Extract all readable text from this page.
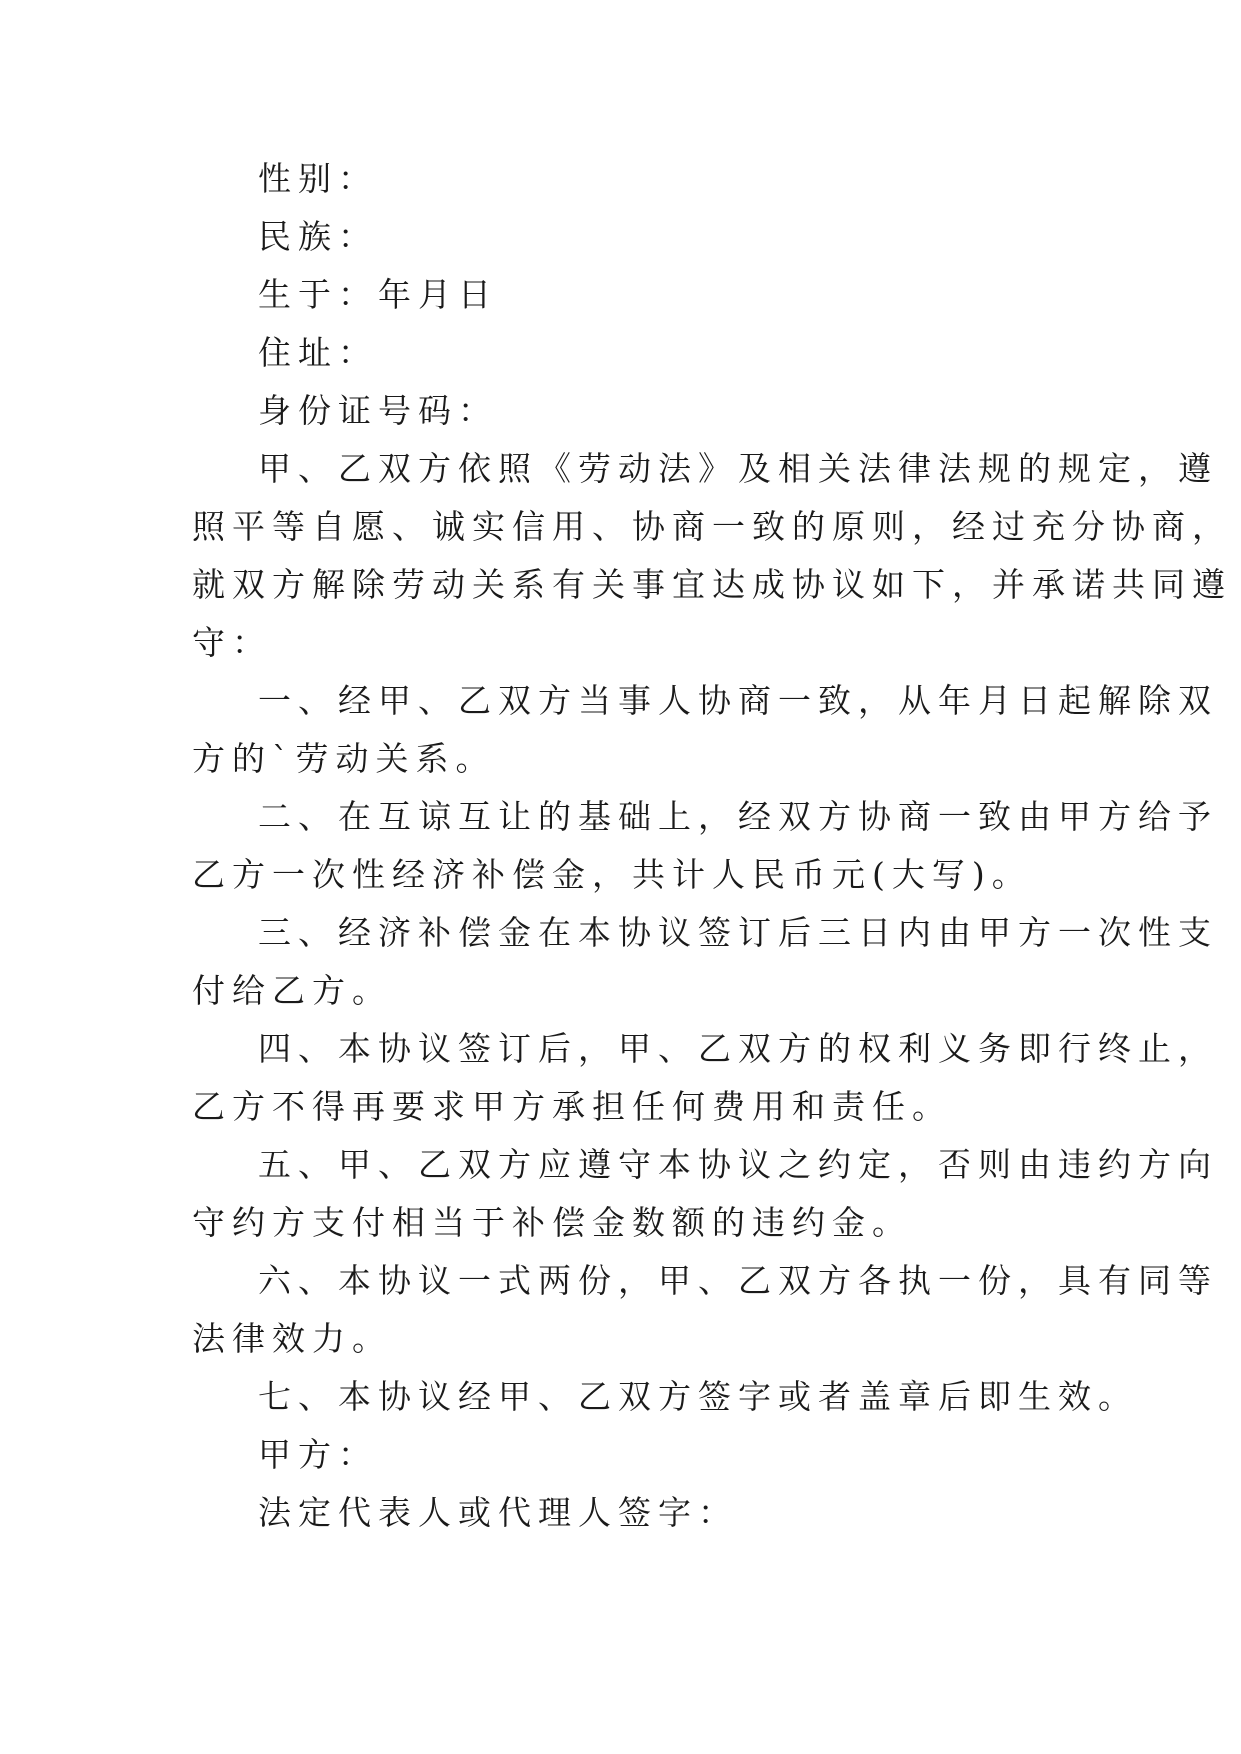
性别：

民族：

生于：年月日

住址：

身份证号码：

甲、乙双方依照《劳动法》及相关法律法规的规定，遵

照平等自愿、诚实信用、协商一致的原则，经过充分协商，

就双方解除劳动关系有关事宜达成协议如下，并承诺共同遵

守：

一、经甲、乙双方当事人协商一致，从年月日起解除双

方的`劳动关系。

二、在互谅互让的基础上，经双方协商一致由甲方给予

乙方一次性经济补偿金，共计人民币元(大写)。

三、经济补偿金在本协议签订后三日内由甲方一次性支

付给乙方。

四、本协议签订后，甲、乙双方的权利义务即行终止，

乙方不得再要求甲方承担任何费用和责任。

五、甲、乙双方应遵守本协议之约定，否则由违约方向

守约方支付相当于补偿金数额的违约金。

六、本协议一式两份，甲、乙双方各执一份，具有同等

法律效力。

七、本协议经甲、乙双方签字或者盖章后即生效。

甲方：

法定代表人或代理人签字：
